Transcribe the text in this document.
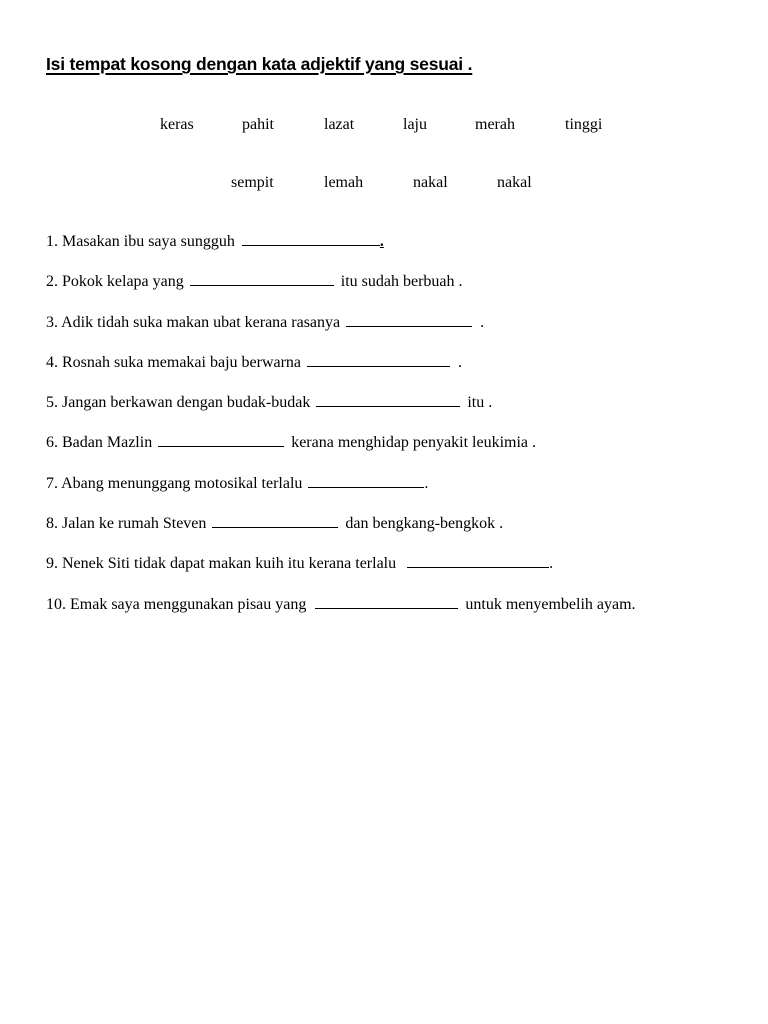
Isi tempat kosong dengan kata adjektif yang sesuai .
keras	pahit	lazat	laju	merah	tinggi
sempit	lemah	nakal	nakal
1. Masakan ibu saya sungguh	.
2. Pokok kelapa yang	itu sudah berbuah .
3. Adik tidah suka makan ubat kerana rasanya	.
4. Rosnah suka memakai baju berwarna	.
5. Jangan berkawan dengan budak-budak	itu .
6. Badan Mazlin	kerana menghidap penyakit leukimia .
7. Abang menunggang motosikal terlalu	.
8. Jalan ke rumah Steven	dan bengkang-bengkok .
9. Nenek Siti tidak dapat makan kuih itu kerana terlalu	.
10. Emak saya menggunakan pisau yang	untuk menyembelih ayam.
